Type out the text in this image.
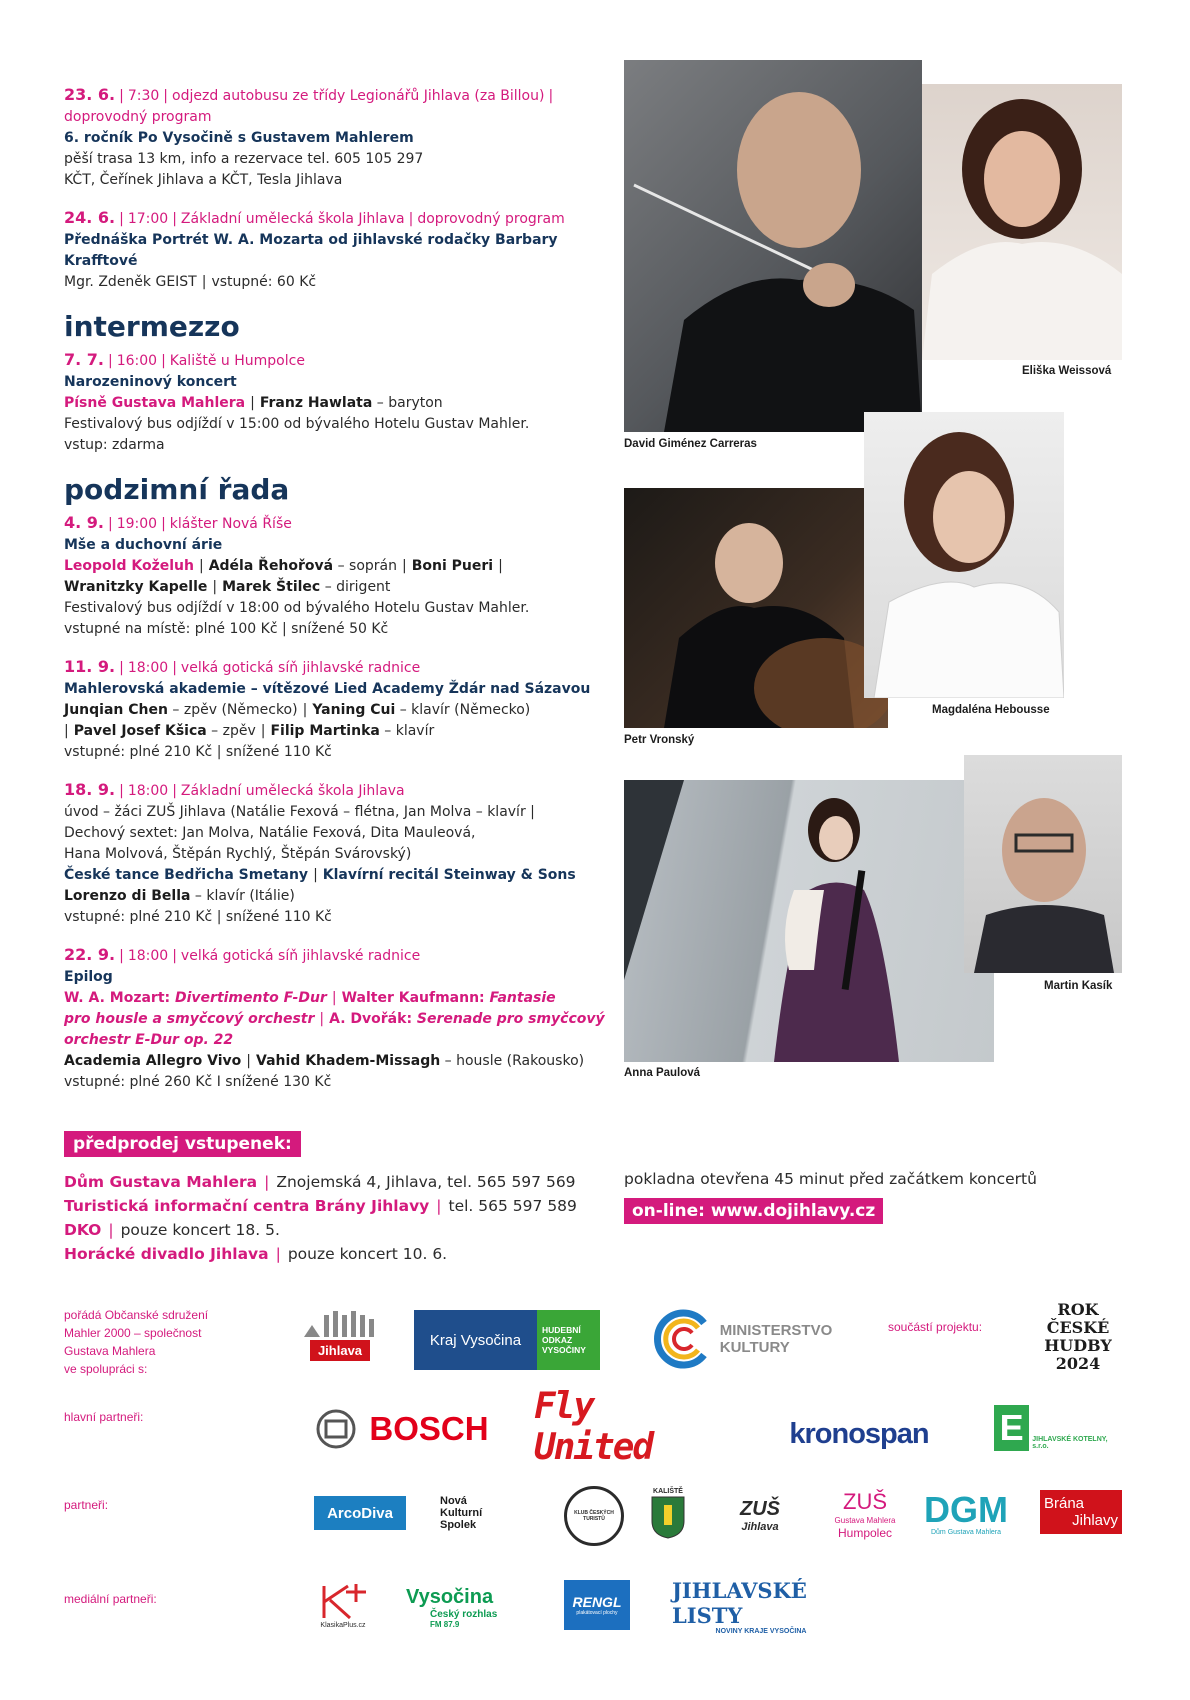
23. 6. | 7:30 | odjezd autobusu ze třídy Legionářů Jihlava (za Billou) |
doprovodný program
6. ročník Po Vysočině s Gustavem Mahlerem
pěší trasa 13 km, info a rezervace tel. 605 105 297
KČT, Čeřínek Jihlava a KČT, Tesla Jihlava
24. 6. | 17:00 | Základní umělecká škola Jihlava | doprovodný program
Přednáška Portrét W. A. Mozarta od jihlavské rodačky Barbary Krafftové
Mgr. Zdeněk GEIST | vstupné: 60 Kč
intermezzo
7. 7. | 16:00 | Kaliště u Humpolce
Narozeninový koncert
Písně Gustava Mahlera | Franz Hawlata – baryton
Festivalový bus odjíždí v 15:00 od bývalého Hotelu Gustav Mahler.
vstup: zdarma
podzimní řada
4. 9. | 19:00 | klášter Nová Říše
Mše a duchovní árie
Leopold Koželuh | Adéla Řehořová – soprán | Boni Pueri |
Wranitzky Kapelle | Marek Štilec – dirigent
Festivalový bus odjíždí v 18:00 od bývalého Hotelu Gustav Mahler.
vstupné na místě: plné 100 Kč | snížené 50 Kč
11. 9. | 18:00 | velká gotická síň jihlavské radnice
Mahlerovská akademie – vítězové Lied Academy Ždár nad Sázavou
Junqian Chen – zpěv (Německo) | Yaning Cui – klavír (Německo)
| Pavel Josef Kšica – zpěv | Filip Martinka – klavír
vstupné: plné 210 Kč | snížené 110 Kč
18. 9. | 18:00 | Základní umělecká škola Jihlava
úvod – žáci ZUŠ Jihlava (Natálie Fexová – flétna, Jan Molva – klavír |
Dechový sextet: Jan Molva, Natálie Fexová, Dita Mauleová,
Hana Molvová, Štěpán Rychlý, Štěpán Svárovský)
České tance Bedřicha Smetany | Klavírní recitál Steinway & Sons
Lorenzo di Bella – klavír (Itálie)
vstupné: plné 210 Kč | snížené 110 Kč
22. 9. | 18:00 | velká gotická síň jihlavské radnice
Epilog
W. A. Mozart: Divertimento F-Dur | Walter Kaufmann: Fantasie
pro housle a smyčcový orchestr | A. Dvořák: Serenade pro smyčcový
orchestr E-Dur op. 22
Academia Allegro Vivo | Vahid Khadem-Missagh – housle (Rakousko)
vstupné: plné 260 Kč I snížené 130 Kč
David Giménez Carreras
Eliška Weissová
Petr Vronský
Magdaléna Hebousse
Anna Paulová
Martin Kasík
předprodej vstupenek:
Dům Gustava Mahlera | Znojemská 4, Jihlava, tel. 565 597 569
Turistická informační centra Brány Jihlavy | tel. 565 597 589
DKO | pouze koncert 18. 5.
Horácké divadlo Jihlava | pouze koncert 10. 6.
pokladna otevřena 45 minut před začátkem koncertů
on-line: www.dojihlavy.cz
pořádá Občanské sdružení
Mahler 2000 – společnost
Gustava Mahlera
ve spolupráci s:
součástí projektu:
hlavní partneři:
partneři:
mediální partneři:
Jihlava
Kraj Vysočina
HUDEBNÍ
ODKAZ
VYSOČINY
MINISTERSTVO
KULTURY
ROK
ČESKÉ
HUDBY
2024
BOSCH
Fly United	kronospan E	JIHLAVSKÉ KOTELNY, s.r.o.
ArcoDiva
Nová
Kulturní
Spolek
KLUB ČESKÝCH TURISTŮ
KALIŠTĚ
ZUŠ
Jihlava
ZUŠ
Gustava Mahlera
Humpolec
DGM
Dům Gustava Mahlera
Brána
Jihlavy
KlasikaPlus.cz
Vysočina
Český rozhlas
FM 87.9
RENGL
plakátovací plochy
JIHLAVSKÉ LISTY
NOVINY KRAJE VYSOČINA
